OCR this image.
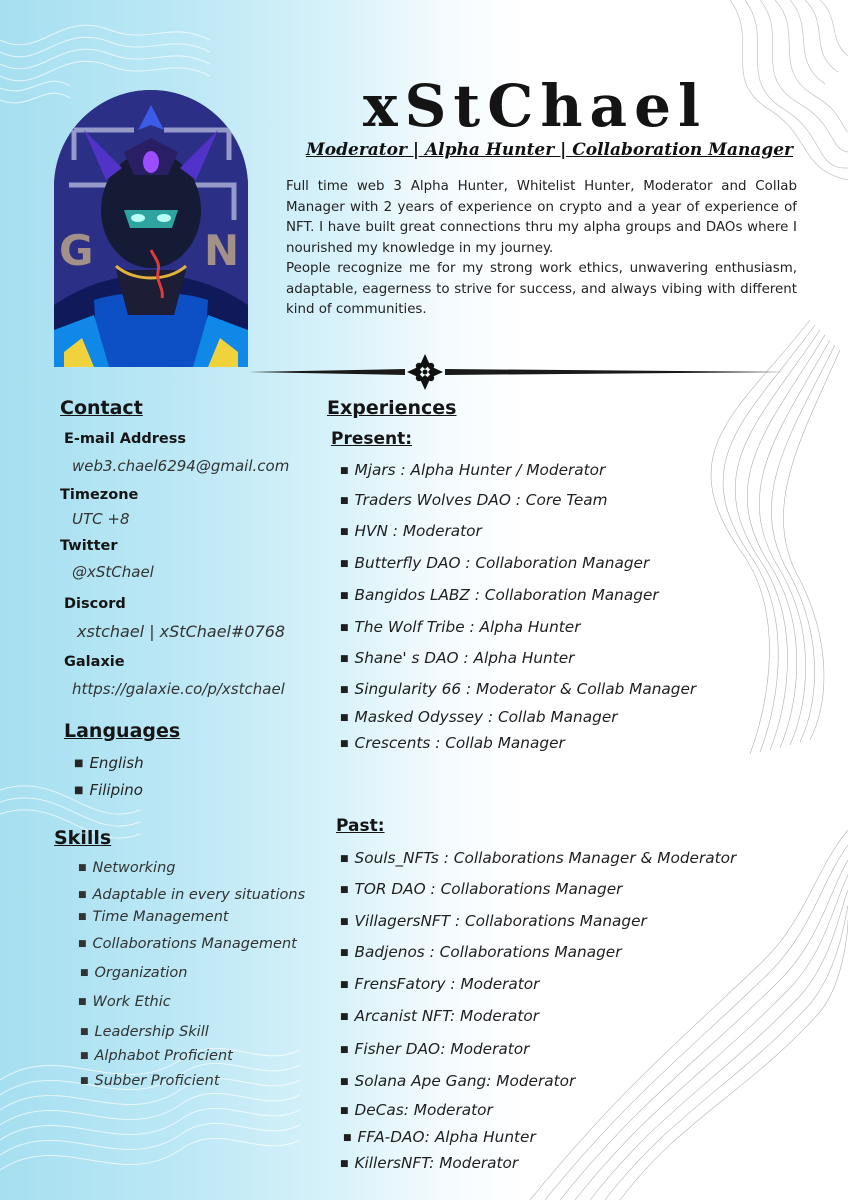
G	N
xStChael
Moderator | Alpha Hunter | Collaboration Manager

Full time web 3 Alpha Hunter, Whitelist Hunter, Moderator and Collab Manager with 2 years of experience on crypto and a year of experience of NFT. I have built great connections thru my alpha groups and DAOs where I nourished my knowledge in my journey.

People recognize me for my strong work ethics, unwavering enthusiasm, adaptable, eagerness to strive for success, and always vibing with different kind of communities.

Contact
E-mail Address
web3.chael6294@gmail.com
Timezone
UTC +8
Twitter
@xStChael
Discord
xstchael | xStChael#0768
Galaxie
https://galaxie.co/p/xstchael
Languages
■ English
■ Filipino
Skills
■ Networking
■ Adaptable in every situations
■ Time Management
■ Collaborations Management
■ Organization
■ Work Ethic
■ Leadership Skill
■ Alphabot Proficient
■ Subber Proficient
Experiences
Present:
■ Mjars : Alpha Hunter / Moderator
■ Traders Wolves DAO : Core Team
■ HVN : Moderator
■ Butterfly DAO : Collaboration Manager
■ Bangidos LABZ : Collaboration Manager
■ The Wolf Tribe : Alpha Hunter
■ Shane' s DAO : Alpha Hunter
■ Singularity 66 : Moderator & Collab Manager
■ Masked Odyssey : Collab Manager
■ Crescents : Collab Manager
Past:
■ Souls_NFTs : Collaborations Manager & Moderator
■ TOR DAO : Collaborations Manager
■ VillagersNFT : Collaborations Manager
■ Badjenos : Collaborations Manager
■ FrensFatory : Moderator
■ Arcanist NFT: Moderator
■ Fisher DAO: Moderator
■ Solana Ape Gang: Moderator
■ DeCas: Moderator
■ FFA-DAO: Alpha Hunter
■ KillersNFT: Moderator
